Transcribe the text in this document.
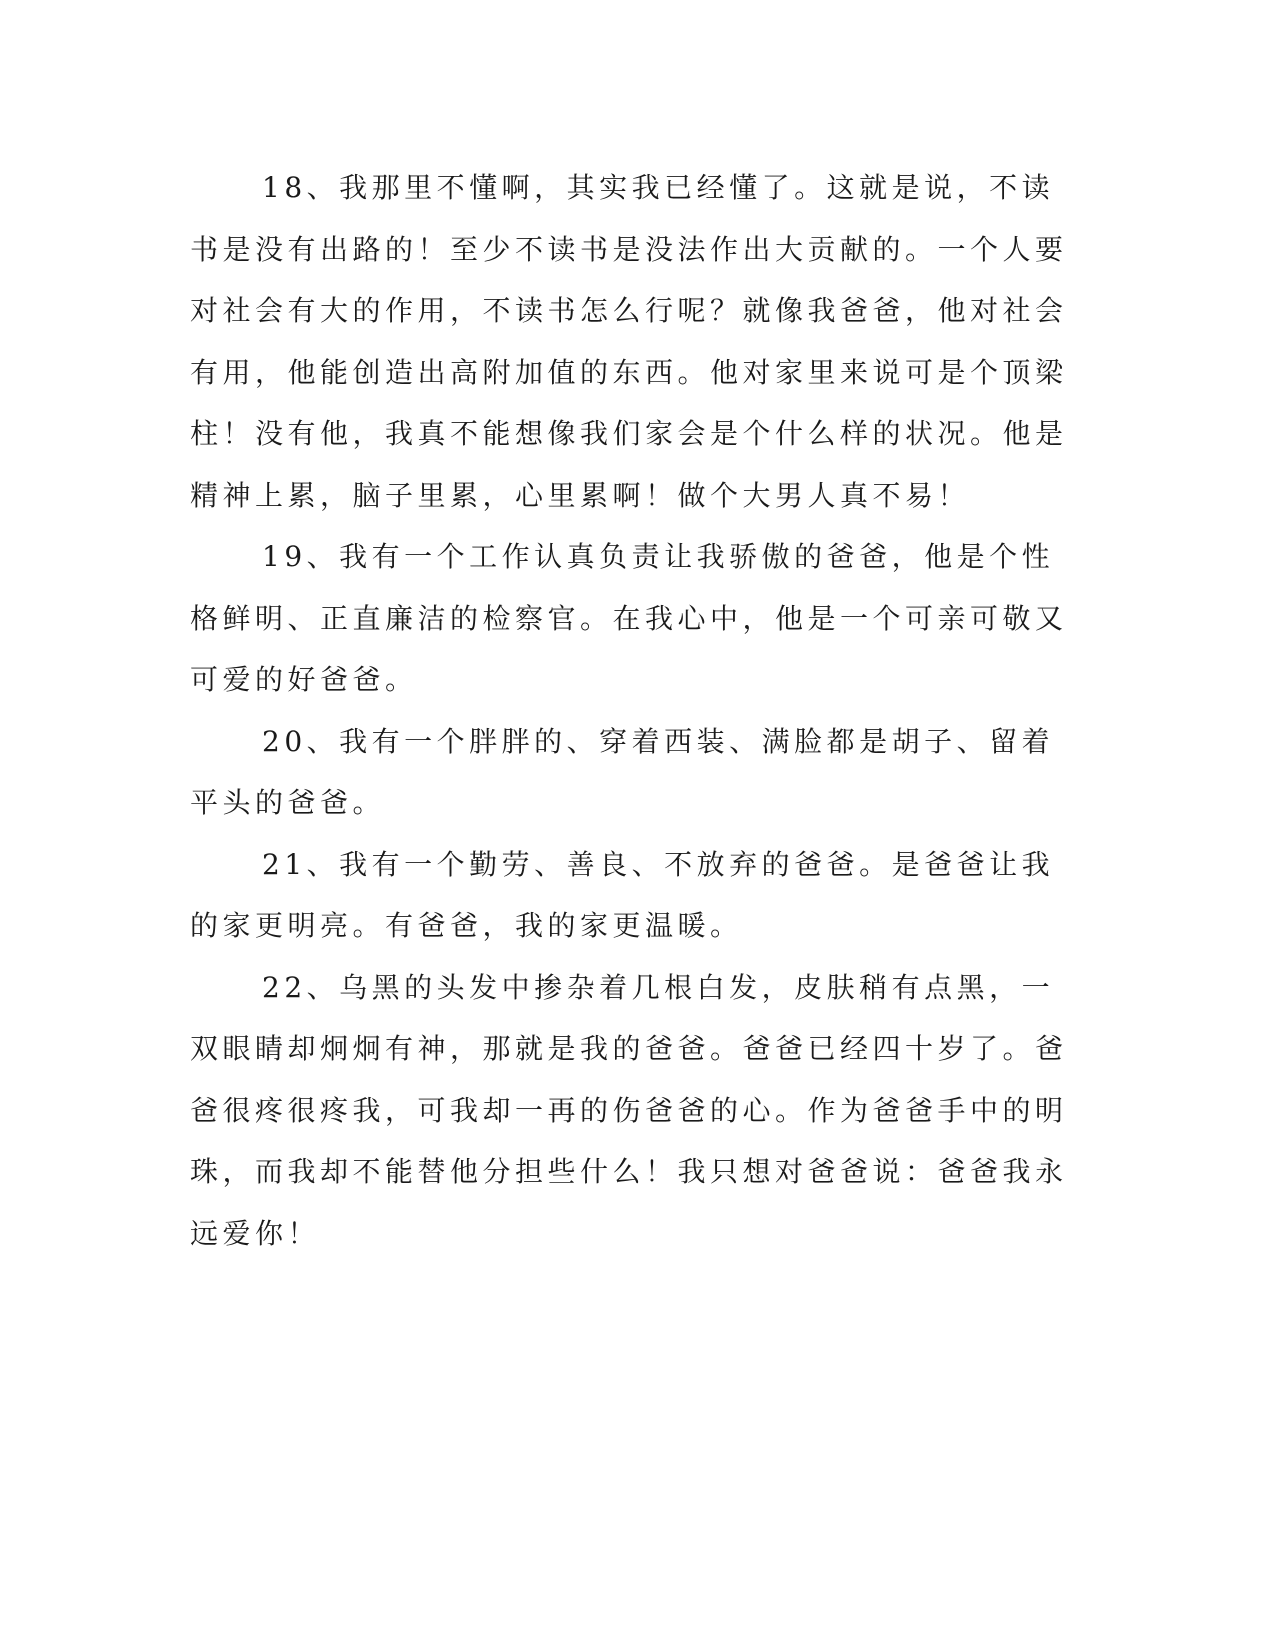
18、我那里不懂啊，其实我已经懂了。这就是说，不读书是没有出路的！至少不读书是没法作出大贡献的。一个人要对社会有大的作用，不读书怎么行呢？就像我爸爸，他对社会有用，他能创造出高附加值的东西。他对家里来说可是个顶梁柱！没有他，我真不能想像我们家会是个什么样的状况。他是精神上累，脑子里累，心里累啊！做个大男人真不易！

19、我有一个工作认真负责让我骄傲的爸爸，他是个性格鲜明、正直廉洁的检察官。在我心中，他是一个可亲可敬又可爱的好爸爸。

20、我有一个胖胖的、穿着西装、满脸都是胡子、留着平头的爸爸。

21、我有一个勤劳、善良、不放弃的爸爸。是爸爸让我的家更明亮。有爸爸，我的家更温暖。

22、乌黑的头发中掺杂着几根白发，皮肤稍有点黑，一双眼睛却炯炯有神，那就是我的爸爸。爸爸已经四十岁了。爸爸很疼很疼我，可我却一再的伤爸爸的心。作为爸爸手中的明珠，而我却不能替他分担些什么！我只想对爸爸说：爸爸我永远爱你！
